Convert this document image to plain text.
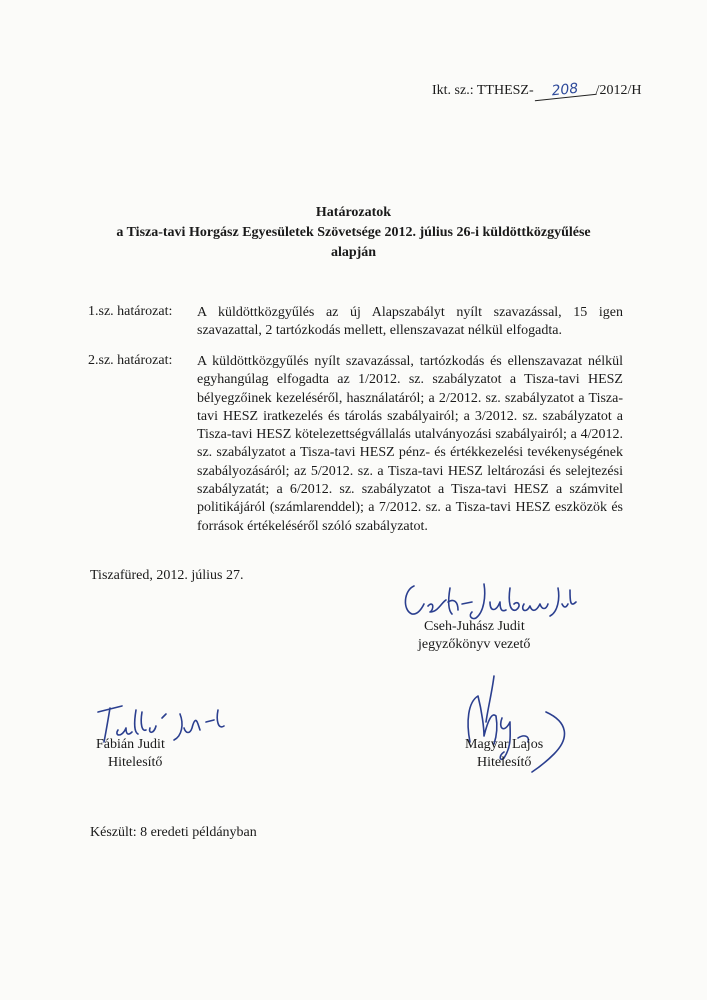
Ikt. sz.: TTHESZ- 208 /2012/H
Határozatok
a Tisza-tavi Horgász Egyesületek Szövetsége 2012. július 26-i küldöttközgyűlése
alapján
1.sz. határozat: A küldöttközgyűlés az új Alapszabályt nyílt szavazással, 15 igen szavazattal, 2 tartózkodás mellett, ellenszavazat nélkül elfogadta.
2.sz. határozat: A küldöttközgyűlés nyílt szavazással, tartózkodás és ellenszavazat nélkül egyhangúlag elfogadta az 1/2012. sz. szabályzatot a Tisza-tavi HESZ bélyegzőinek kezeléséről, használatáról; a 2/2012. sz. szabályzatot a Tisza-tavi HESZ iratkezelés és tárolás szabályairól; a 3/2012. sz. szabályzatot a Tisza-tavi HESZ kötelezettségvállalás utalványozási szabályairól; a 4/2012. sz. szabályzatot a Tisza-tavi HESZ pénz- és értékkezelési tevékenységének szabályozásáról; az 5/2012. sz. a Tisza-tavi HESZ leltározási és selejtezési szabályzatát; a 6/2012. sz. szabályzatot a Tisza-tavi HESZ a számvitel politikájáról (számlarenddel); a 7/2012. sz. a Tisza-tavi HESZ eszközök és források értékeléséről szóló szabályzatot.
Tiszafüred, 2012. július 27.
Cseh-Juhász Judit
jegyzőkönyv vezető
Fábián Judit
Hitelesítő
Magyar Lajos
Hitelesítő
Készült: 8 eredeti példányban
